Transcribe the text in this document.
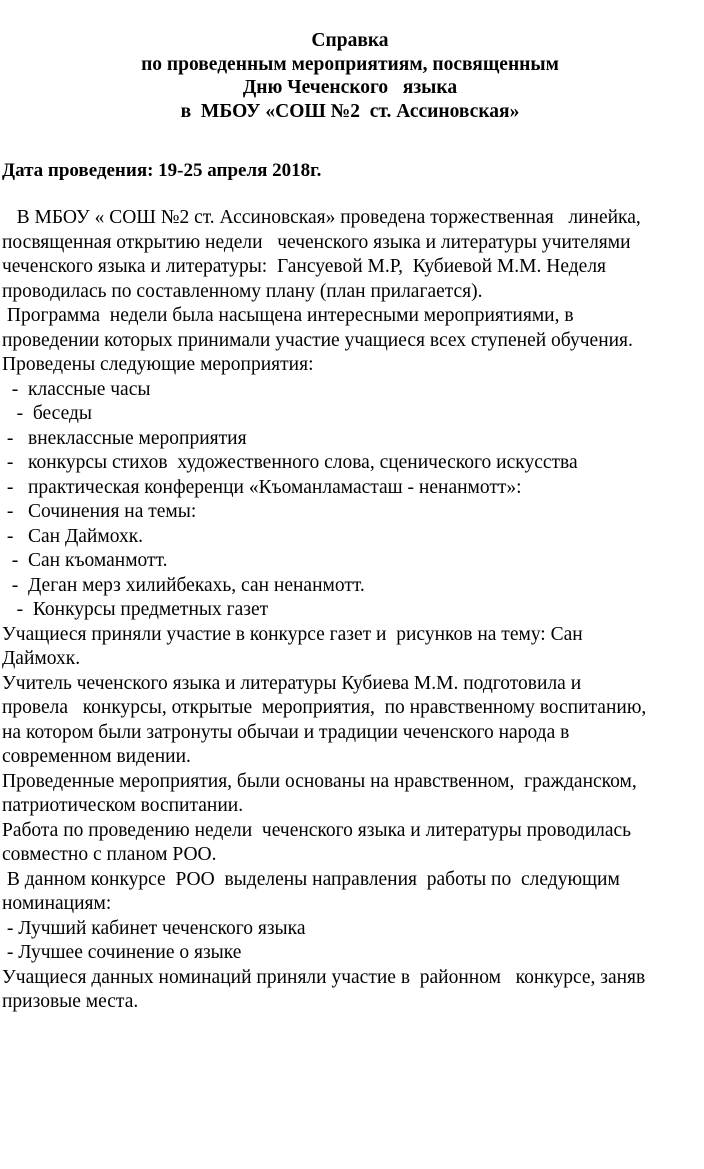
Справка
по проведенным мероприятиям, посвященным
Дню Чеченского   языка
в  МБОУ «СОШ №2  ст. Ассиновская»
Дата проведения: 19-25 апреля 2018г.
В МБОУ « СОШ №2 ст. Ассиновская» проведена торжественная   линейка,
посвященная открытию недели   чеченского языка и литературы учителями
чеченского языка и литературы:  Гансуевой М.Р,  Кубиевой М.М. Неделя
проводилась по составленному плану (план прилагается).
Программа  недели была насыщена интересными мероприятиями, в
проведении которых принимали участие учащиеся всех ступеней обучения.
Проведены следующие мероприятия:
-  классные часы
-  беседы
-   внеклассные мероприятия
-   конкурсы стихов  художественного слова, сценического искусства
-   практическая конференци «Къоманламасташ - ненанмотт»:
-   Сочинения на темы:
-   Сан Даймохк.
-  Сан къоманмотт.
-  Деган мерз хилийбекахь, сан ненанмотт.
-  Конкурсы предметных газет
Учащиеся приняли участие в конкурсе газет и  рисунков на тему: Сан
Даймохк.
Учитель чеченского языка и литературы Кубиева М.М. подготовила и
провела   конкурсы, открытые  мероприятия,  по нравственному воспитанию,
на котором были затронуты обычаи и традиции чеченского народа в
современном видении.
Проведенные мероприятия, были основаны на нравственном,  гражданском,
патриотическом воспитании.
Работа по проведению недели  чеченского языка и литературы проводилась
совместно с планом РОО.
В данном конкурсе  РОО  выделены направления  работы по  следующим
номинациям:
- Лучший кабинет чеченского языка
- Лучшее сочинение о языке
Учащиеся данных номинаций приняли участие в  районном   конкурсе, заняв
призовые места.
